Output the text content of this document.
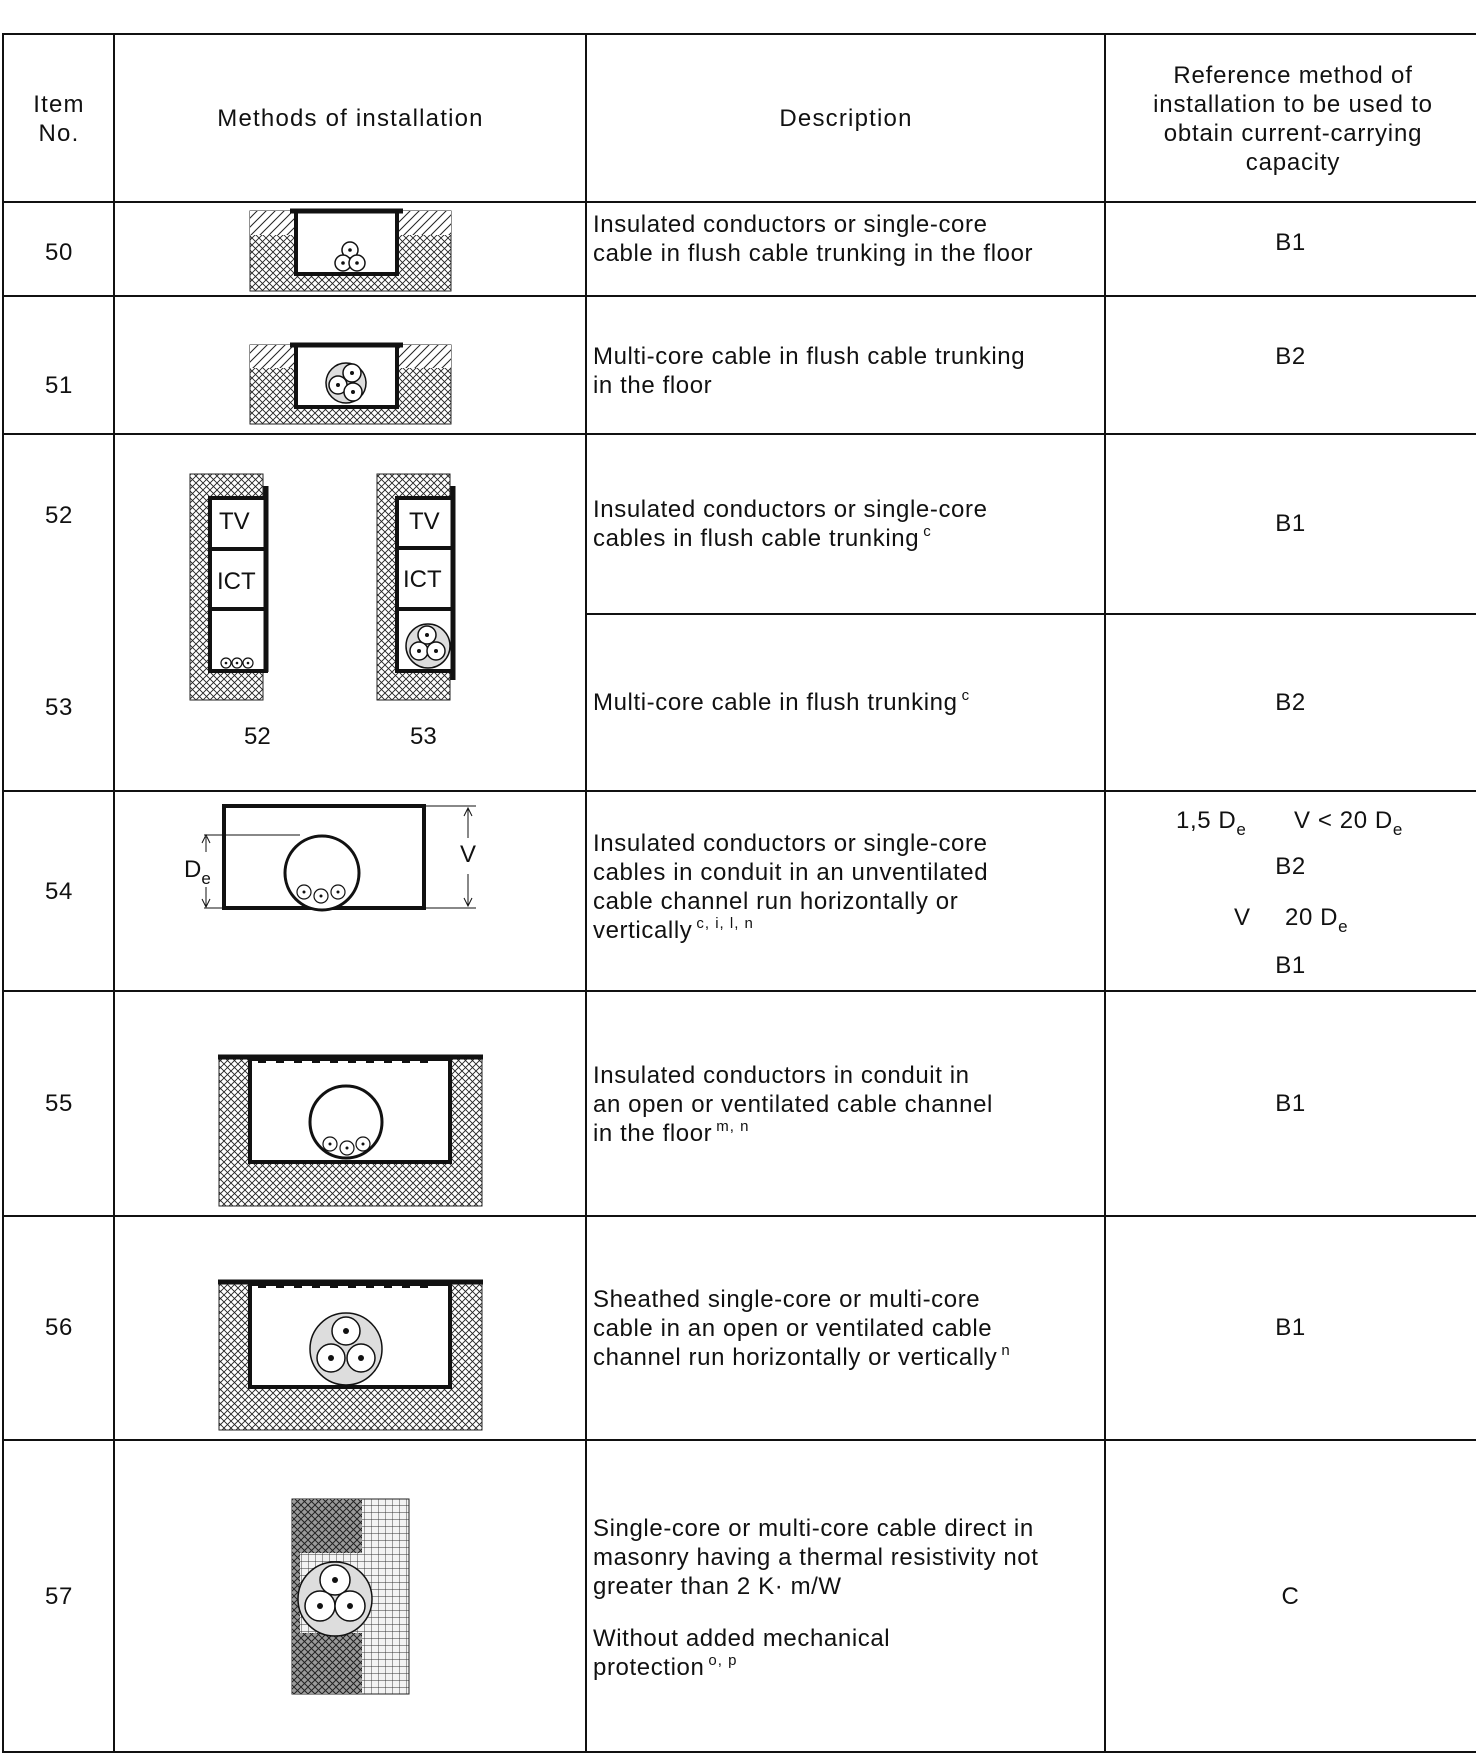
Item
No.
Methods of installation	Description
Reference method of installation to be used to obtain current-carrying capacity
50
51
52
53
54
55
56
57
Insulated conductors or single-core
cable in flush cable trunking in the floor
Multi-core cable in flush cable trunking
in the floor
Insulated conductors or single-core
cables in flush cable trunking $^c$
Multi-core cable in flush trunking $^c$
Insulated conductors or single-core
cables in conduit in an unventilated
cable channel run horizontally or
vertically $^{c, i, l, n}$
Insulated conductors in conduit in
an open or ventilated cable channel
in the floor $^{m, n}$
Sheathed single-core or multi-core
cable in an open or ventilated cable
channel run horizontally or vertically $^n$
Single-core or multi-core cable direct in
masonry having a thermal resistivity not
greater than 2 K· m/W
Without added mechanical
protection $^{o, p}$
B1
B2
B1
B2
1,5 $D_e$ V < 20 $D_e$
B2
V 20 $D_e$
B1
B1
B1
C
TV
ICT
TV
ICT
52	53
$D_e$
V
